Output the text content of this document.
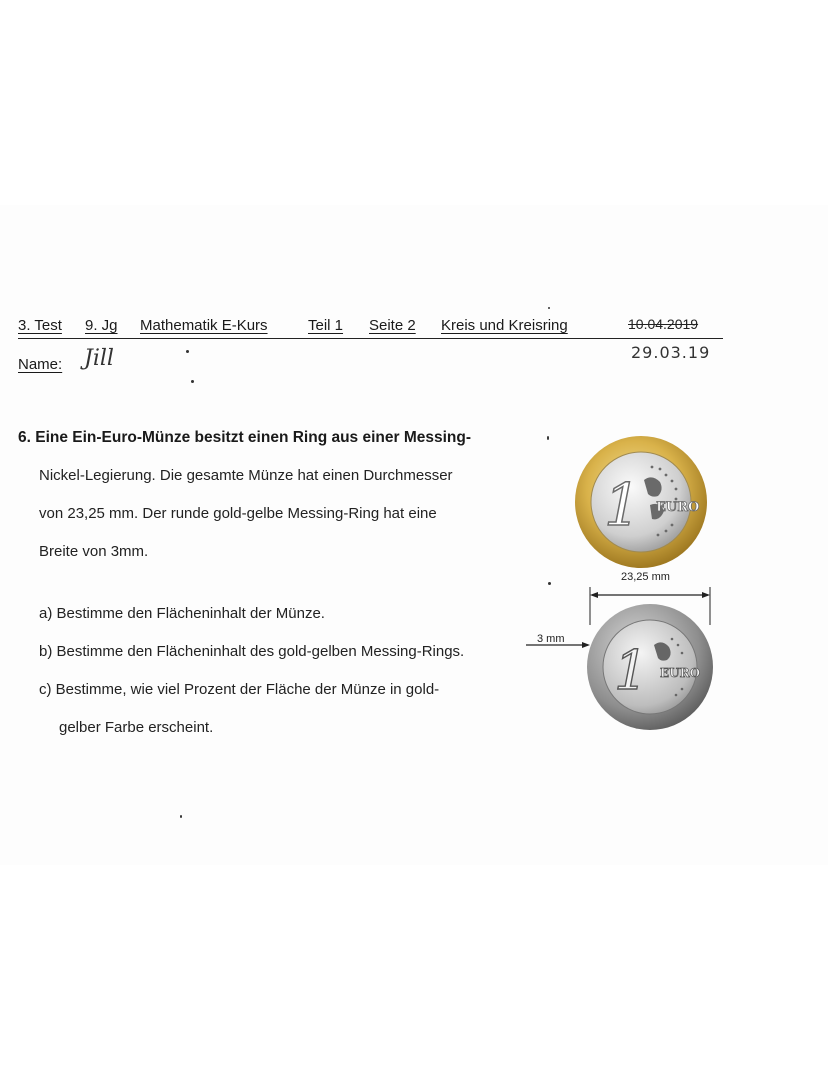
3. Test 9. Jg Mathematik E-Kurs	Teil 1 Seite 2 Kreis und Kreisring	10.04.2019
29.03.19
Name: Jill
6. Eine Ein-Euro-Münze besitzt einen Ring aus einer Messing-
Nickel-Legierung. Die gesamte Münze hat einen Durchmesser
von 23,25 mm. Der runde gold-gelbe Messing-Ring hat eine
Breite von 3mm.
a) Bestimme den Flächeninhalt der Münze.
b) Bestimme den Flächeninhalt des gold-gelben Messing-Rings.
c) Bestimme, wie viel Prozent der Fläche der Münze in gold-
gelber Farbe erscheint.
1 EURO
23,25 mm
3 mm 1 EURO
